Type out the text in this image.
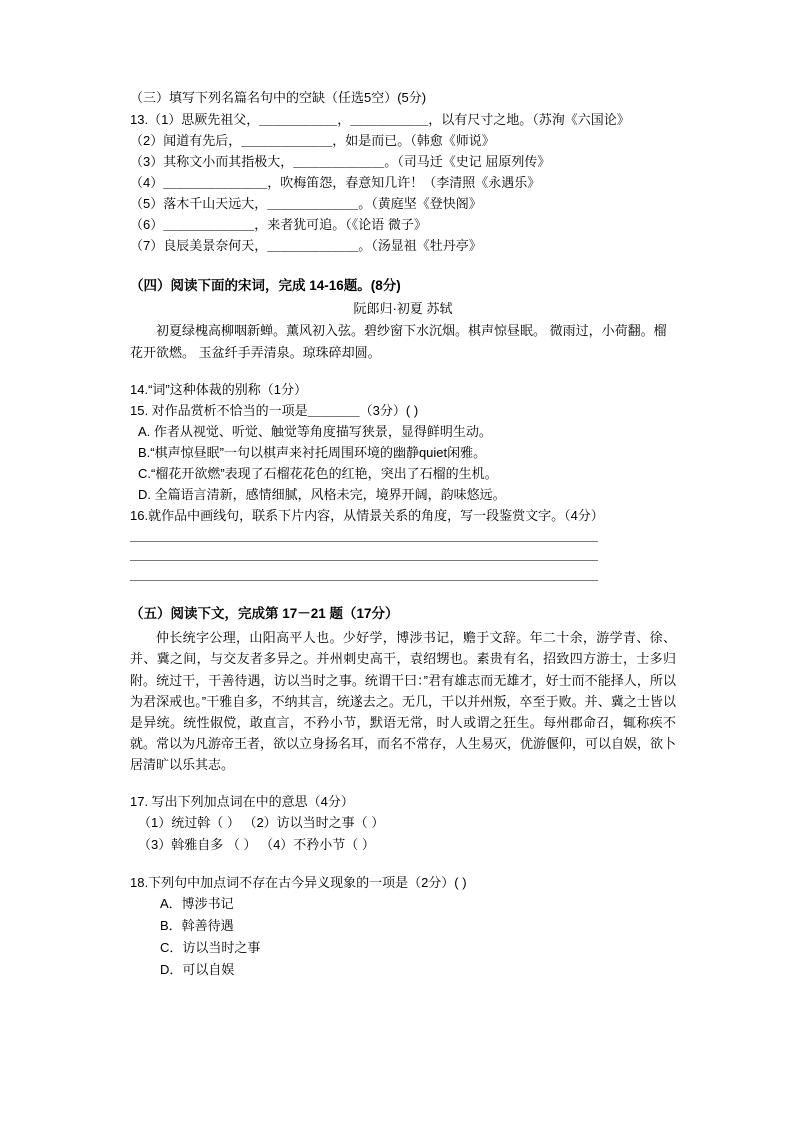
（三）填写下列名篇名句中的空缺（任选5空）(5分)

13.（1）思厥先祖父，＿＿＿＿＿＿，＿＿＿＿＿＿，以有尺寸之地。（苏洵《六国论》

（2）闻道有先后，＿＿＿＿＿＿＿，如是而已。（韩愈《师说》

（3）其称文小而其指极大，＿＿＿＿＿＿＿。（司马迁《史记 屈原列传》

（4）＿＿＿＿＿＿＿＿，吹梅笛怨，春意知几许！（李清照《永遇乐》

（5）落木千山天远大，＿＿＿＿＿＿＿。（黄庭坚《登快阁》

（6）＿＿＿＿＿＿＿，来者犹可追。（《论语 微子》

（7）良辰美景奈何天，＿＿＿＿＿＿＿。（汤显祖《牡丹亭》

（四）阅读下面的宋词，完成 14-16题。(8分)

阮郎归·初夏 苏轼

初夏绿槐高柳咽新蝉。薰风初入弦。碧纱窗下水沉烟。棋声惊昼眠。 微雨过，小荷翻。榴花开欲燃。 玉盆纤手弄清泉。琼珠碎却圆。

14.“词”这种体裁的别称（1分）

15. 对作品赏析不恰当的一项是＿＿＿＿（3分）( )

A. 作者从视觉、听觉、触觉等角度描写狭景，显得鲜明生动。

B.“棋声惊昼眠”一句以棋声来衬托周围环境的幽静quiet闲雅。

C.“榴花开欲燃”表现了石榴花花色的红艳，突出了石榴的生机。

D. 全篇语言清新，感情细腻，风格未完，境界开阔，韵味悠远。

16.就作品中画线句，联系下片内容，从情景关系的角度，写一段鉴赏文字。（4分）

＿＿＿＿＿＿＿＿＿＿＿＿＿＿＿＿＿＿＿＿＿＿＿＿＿＿＿＿＿＿＿＿＿＿＿＿

＿＿＿＿＿＿＿＿＿＿＿＿＿＿＿＿＿＿＿＿＿＿＿＿＿＿＿＿＿＿＿＿＿＿＿＿

＿＿＿＿＿＿＿＿＿＿＿＿＿＿＿＿＿＿＿＿＿＿＿＿＿＿＿＿＿＿＿＿＿＿＿＿

（五）阅读下文，完成第 17－21 题（17分）

仲长统字公理，山阳高平人也。少好学，博涉书记，赡于文辞。年二十余，游学青、徐、并、冀之间，与交友者多异之。并州刺史高干，袁绍甥也。素贵有名，招致四方游士，士多归附。统过干，干善待遇，访以当时之事。统谓干曰：”君有雄志而无雄才，好士而不能择人，所以为君深戒也。”干雅自多，不纳其言，统遂去之。无几，干以并州叛，卒至于败。并、冀之士皆以是异统。统性俶傥，敢直言，不矜小节，默语无常，时人或谓之狂生。每州郡命召，辄称疾不就。常以为凡游帝王者，欲以立身扬名耳，而名不常存，人生易灭，优游偃仰，可以自娱，欲卜居清旷以乐其志。

17. 写出下列加点词在中的意思（4分）

（1）统过斡（ ） （2）访以当时之事（ ）

（3）斡雅自多 （ ） （4）不矜小节（ ）

18.下列句中加点词不存在古今异义现象的一项是（2分）( )

A．博涉书记

B．斡善待遇

C．访以当时之事

D．可以自娱
